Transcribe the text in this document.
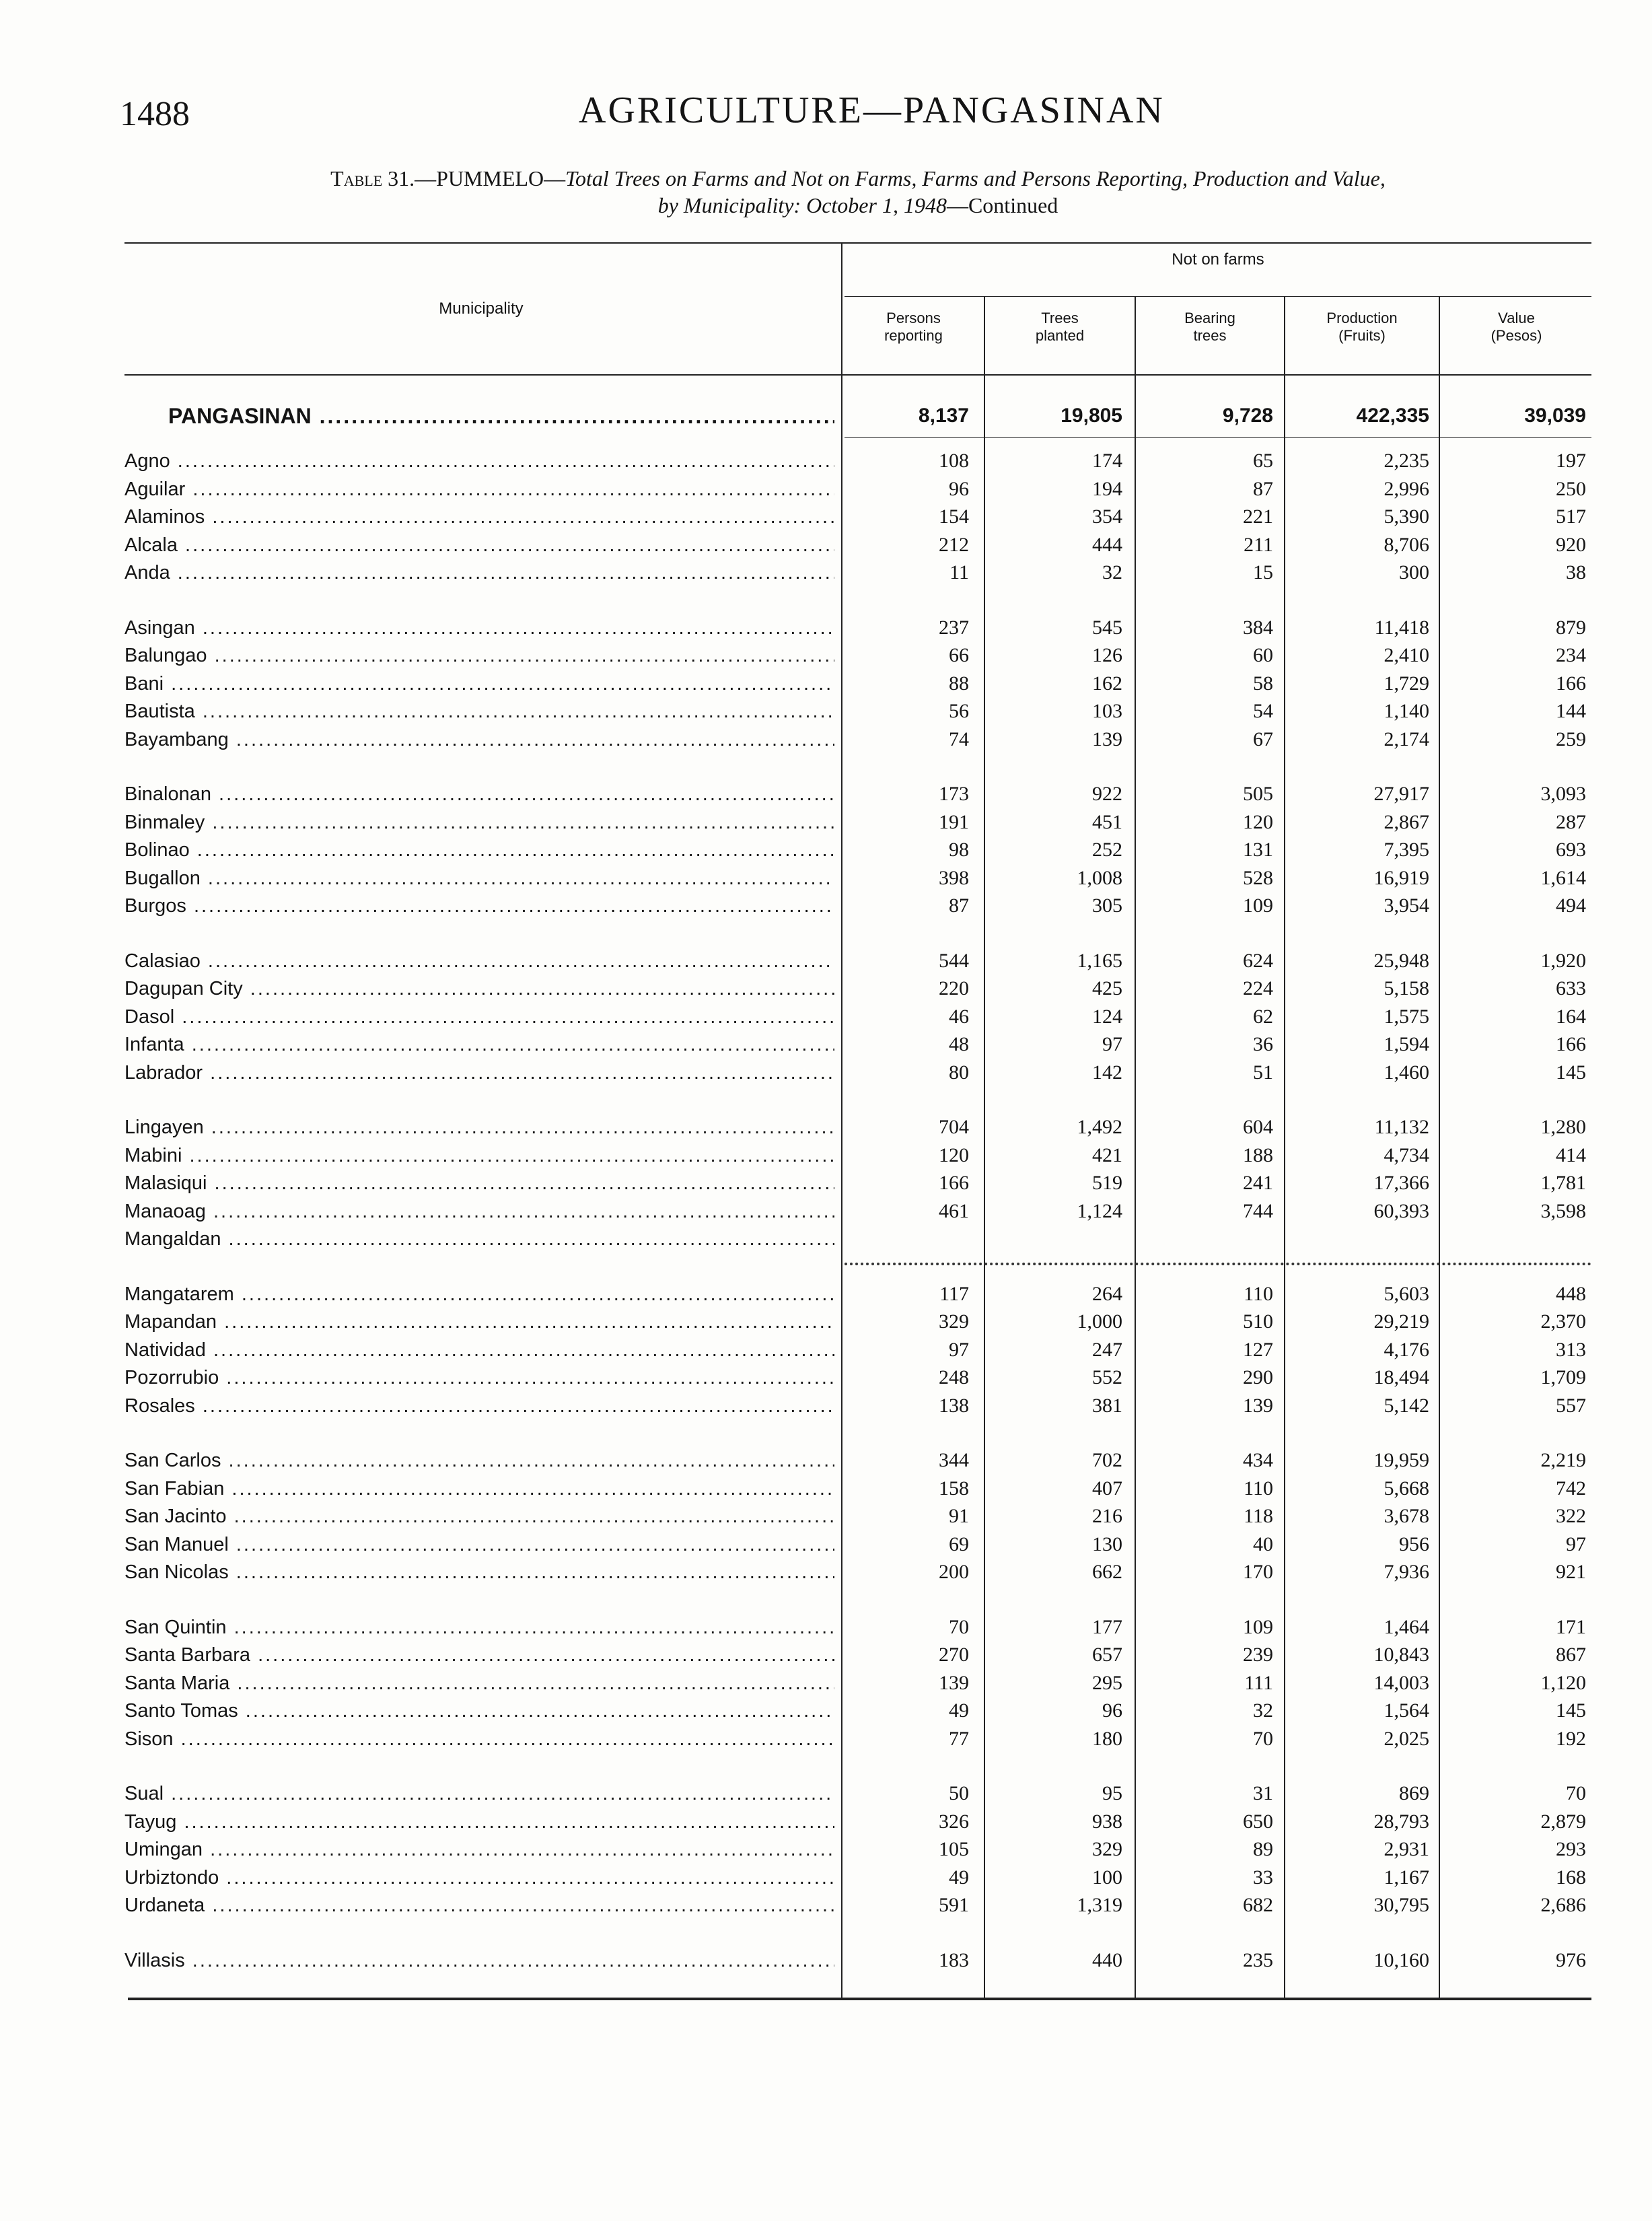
1488	AGRICULTURE—PANGASINAN
Table 31.—PUMMELO—Total Trees on Farms and Not on Farms, Farms and Persons Reporting, Production and Value,
by Municipality: October 1, 1948—Continued
Municipality
Not on farms
Persons
reporting
Trees
planted
Bearing
trees
Production
(Fruits)
Value
(Pesos)
PANGASINAN .....	8,137	19,805	9,728	422,335	39,039
Agno .....	108	174	65	2,235	197
Aguilar .....	96	194	87	2,996	250
Alaminos .....	154	354	221	5,390	517
Alcala .....	212	444	211	8,706	920
Anda .....	11	32	15	300	38
Asingan .....	237	545	384	11,418	879
Balungao .....	66	126	60	2,410	234
Bani .....	88	162	58	1,729	166
Bautista .....	56	103	54	1,140	144
Bayambang .....	74	139	67	2,174	259
Binalonan .....	173	922	505	27,917	3,093
Binmaley .....	191	451	120	2,867	287
Bolinao .....	98	252	131	7,395	693
Bugallon .....	398	1,008	528	16,919	1,614
Burgos .....	87	305	109	3,954	494
Calasiao .....	544	1,165	624	25,948	1,920
Dagupan City .....	220	425	224	5,158	633
Dasol .....	46	124	62	1,575	164
Infanta .....	48	97	36	1,594	166
Labrador .....	80	142	51	1,460	145
Lingayen .....	704	1,492	604	11,132	1,280
Mabini .....	120	421	188	4,734	414
Malasiqui .....	166	519	241	17,366	1,781
Manaoag .....	461	1,124	744	60,393	3,598
Mangaldan .....
Mangatarem .....	117	264	110	5,603	448
Mapandan .....	329	1,000	510	29,219	2,370
Natividad .....	97	247	127	4,176	313
Pozorrubio .....	248	552	290	18,494	1,709
Rosales .....	138	381	139	5,142	557
San Carlos .....	344	702	434	19,959	2,219
San Fabian .....	158	407	110	5,668	742
San Jacinto .....	91	216	118	3,678	322
San Manuel .....	69	130	40	956	97
San Nicolas .....	200	662	170	7,936	921
San Quintin .....	70	177	109	1,464	171
Santa Barbara .....	270	657	239	10,843	867
Santa Maria .....	139	295	111	14,003	1,120
Santo Tomas .....	49	96	32	1,564	145
Sison .....	77	180	70	2,025	192
Sual .....	50	95	31	869	70
Tayug .....	326	938	650	28,793	2,879
Umingan .....	105	329	89	2,931	293
Urbiztondo .....	49	100	33	1,167	168
Urdaneta .....	591	1,319	682	30,795	2,686
Villasis .....	183	440	235	10,160	976
